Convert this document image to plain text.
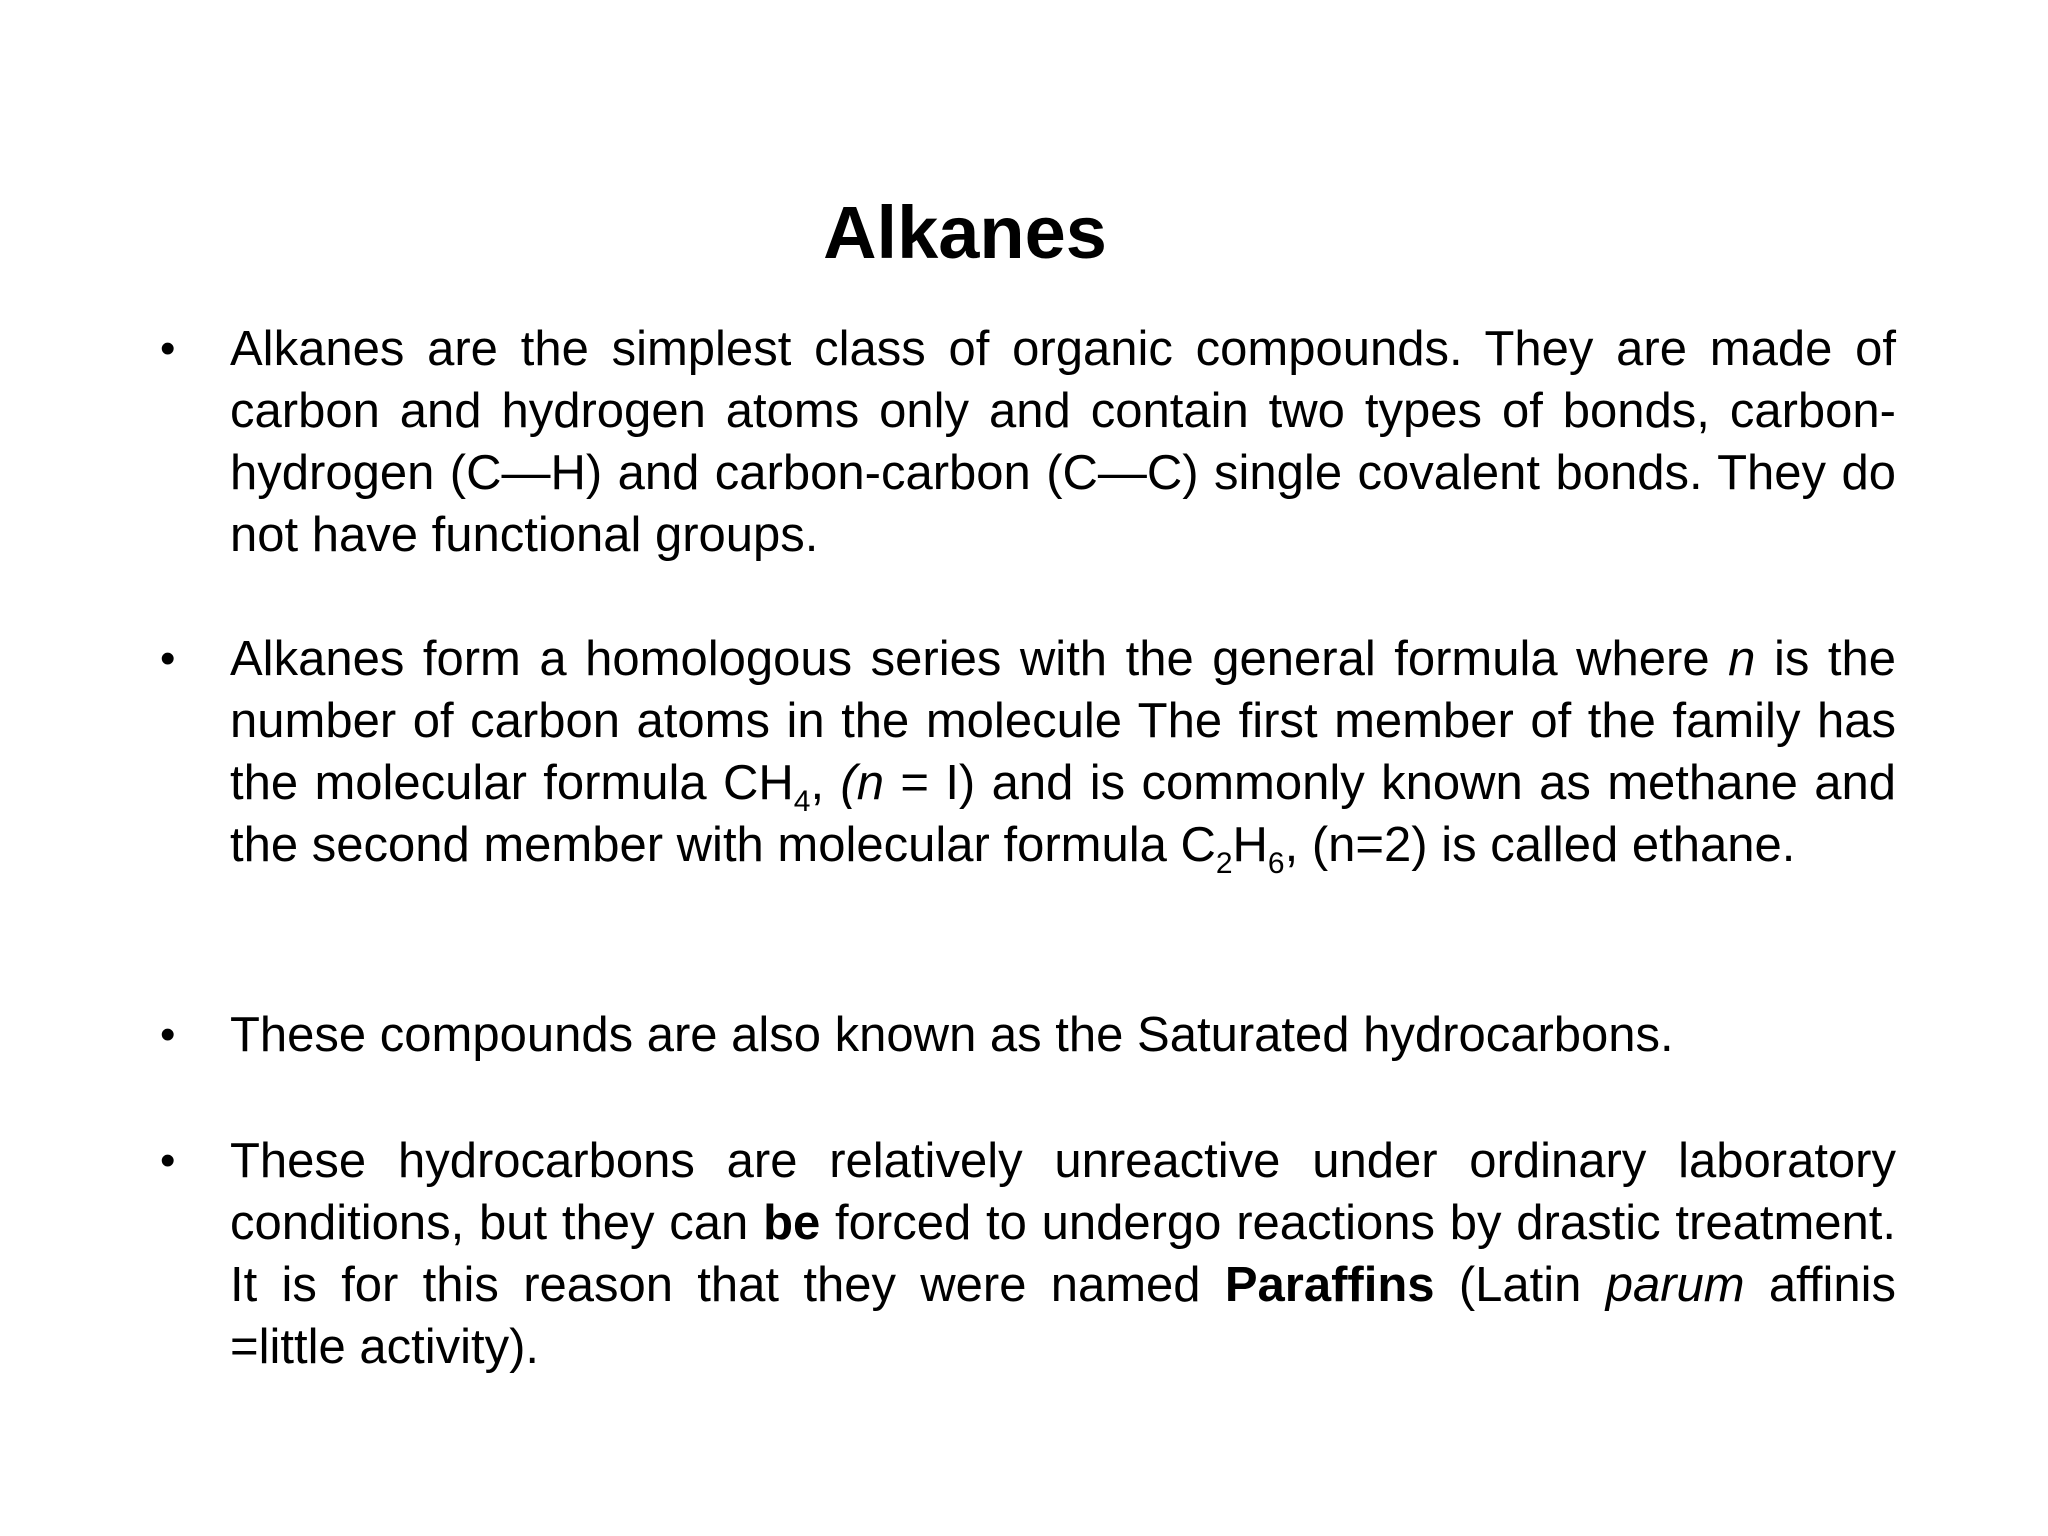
Alkanes
• Alkanes are the simplest class of organic compounds. They are made of carbon and hydrogen atoms only and contain two types of bonds, carbon-hydrogen (C—H) and carbon-carbon (C—C) single covalent bonds. They do not have functional groups.
• Alkanes form a homologous series with the general formula where n is the number of carbon atoms in the molecule The first member of the family has the molecular formula $CH_4$, (n = I) and is commonly known as methane and the second member with molecular formula $C_2H_6$, (n=2) is called ethane.
• These compounds are also known as the Saturated hydrocarbons.
• These hydrocarbons are relatively unreactive under ordinary laboratory conditions, but they can be forced to undergo reactions by drastic treatment. It is for this reason that they were named Paraffins (Latin parum affinis =little activity).
